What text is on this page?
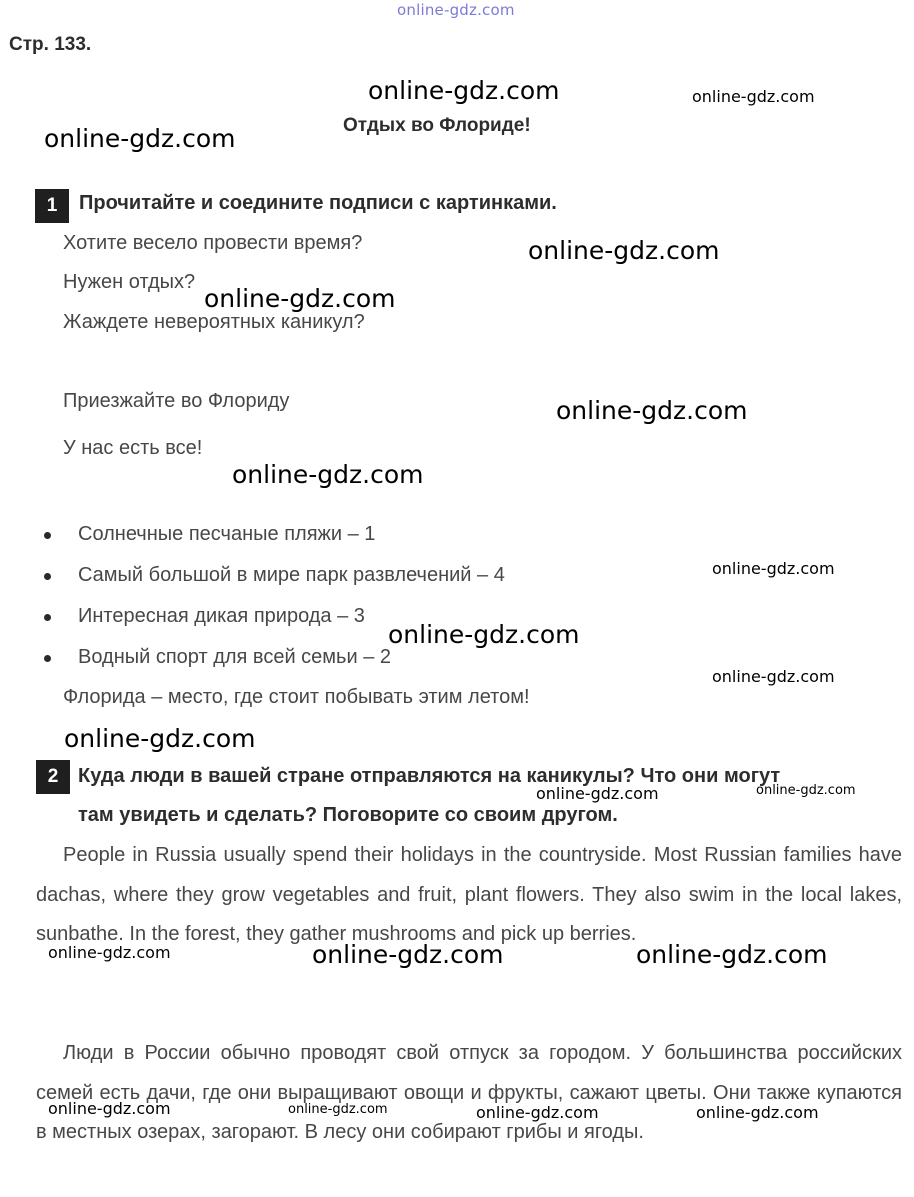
online-gdz.com
Стр. 133.
Отдых во Флориде!
1	Прочитайте и соедините подписи с картинками.
Хотите весело провести время?
Нужен отдых?
Жаждете невероятных каникул?
Приезжайте во Флориду
У нас есть все!
Солнечные песчаные пляжи – 1
Самый большой в мире парк развлечений – 4
Интересная дикая природа – 3
Водный спорт для всей семьи – 2
Флорида – место, где стоит побывать этим летом!
2 Куда люди в вашей стране отправляются на каникулы? Что они могут
там увидеть и сделать? Поговорите со своим другом.

People in Russia usually spend their holidays in the countryside. Most Russian families have dachas, where they grow vegetables and fruit, plant flowers. They also swim in the local lakes, sunbathe. In the forest, they gather mushrooms and pick up berries.

Люди в России обычно проводят свой отпуск за городом. У большинства российских семей есть дачи, где они выращивают овощи и фрукты, сажают цветы. Они также купаются в местных озерах, загорают. В лесу они собирают грибы и ягоды.

online-gdz.com	online-gdz.com
online-gdz.com
online-gdz.com
online-gdz.com
online-gdz.com
online-gdz.com
online-gdz.com
online-gdz.com
online-gdz.com
online-gdz.com
online-gdz.com	online-gdz.com
online-gdz.com	online-gdz.com	online-gdz.com
online-gdz.com	online-gdz.com	online-gdz.com	online-gdz.com
